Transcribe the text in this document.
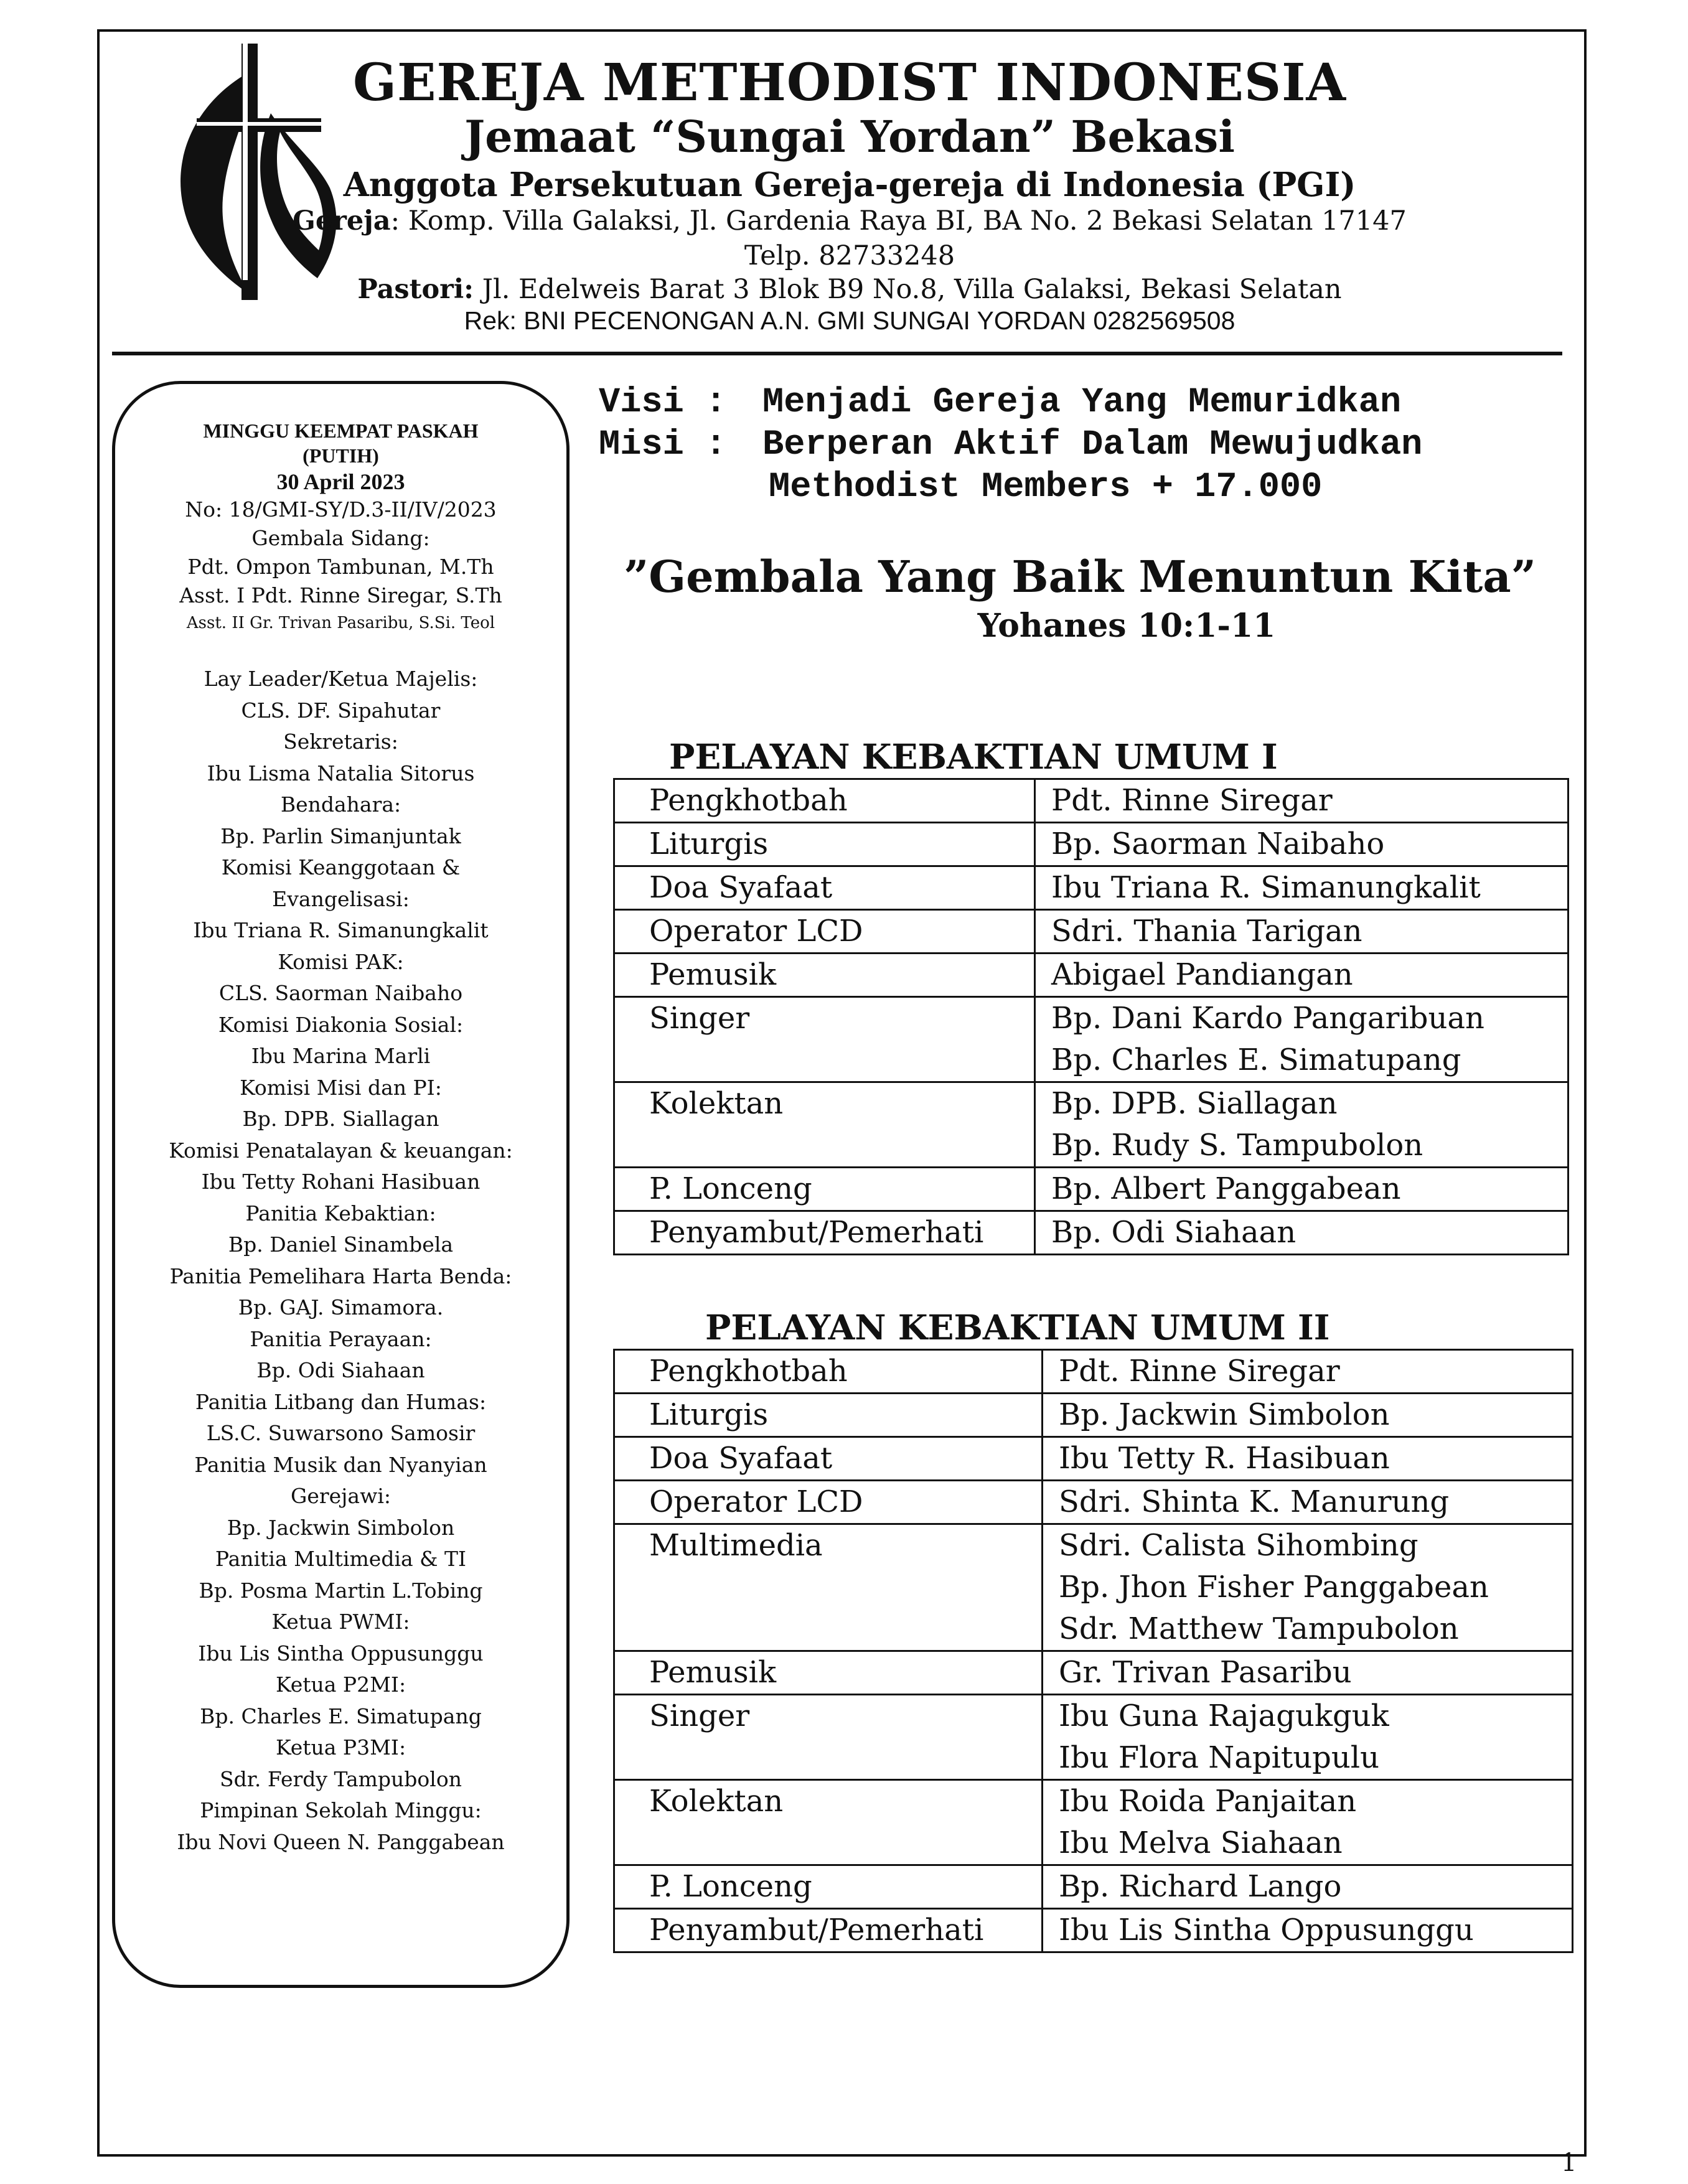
GEREJA METHODIST INDONESIA
Jemaat “Sungai Yordan” Bekasi
Anggota Persekutuan Gereja-gereja di Indonesia (PGI)
Gereja: Komp. Villa Galaksi, Jl. Gardenia Raya BI, BA No. 2 Bekasi Selatan 17147
Telp. 82733248
Pastori: Jl. Edelweis Barat 3 Blok B9 No.8, Villa Galaksi, Bekasi Selatan
Rek: BNI PECENONGAN A.N. GMI SUNGAI YORDAN 0282569508
MINGGU KEEMPAT PASKAH
(PUTIH)
30 April 2023
No: 18/GMI-SY/D.3-II/IV/2023
Gembala Sidang:
Pdt. Ompon Tambunan, M.Th
Asst. I Pdt. Rinne Siregar, S.Th
Asst. II Gr. Trivan Pasaribu, S.Si. Teol
Lay Leader/Ketua Majelis:
CLS. DF. Sipahutar
Sekretaris:
Ibu Lisma Natalia Sitorus
Bendahara:
Bp. Parlin Simanjuntak
Komisi Keanggotaan &
Evangelisasi:
Ibu Triana R. Simanungkalit
Komisi PAK:
CLS. Saorman Naibaho
Komisi Diakonia Sosial:
Ibu Marina Marli
Komisi Misi dan PI:
Bp. DPB. Siallagan
Komisi Penatalayan & keuangan:
Ibu Tetty Rohani Hasibuan
Panitia Kebaktian:
Bp. Daniel Sinambela
Panitia Pemelihara Harta Benda:
Bp. GAJ. Simamora.
Panitia Perayaan:
Bp. Odi Siahaan
Panitia Litbang dan Humas:
LS.C. Suwarsono Samosir
Panitia Musik dan Nyanyian
Gerejawi:
Bp. Jackwin Simbolon
Panitia Multimedia & TI
Bp. Posma Martin L.Tobing
Ketua PWMI:
Ibu Lis Sintha Oppusunggu
Ketua P2MI:
Bp. Charles E. Simatupang
Ketua P3MI:
Sdr. Ferdy Tampubolon
Pimpinan Sekolah Minggu:
Ibu Novi Queen N. Panggabean
Visi : Menjadi Gereja Yang Memuridkan
Misi : Berperan Aktif Dalam Mewujudkan
Methodist Members + 17.000
”Gembala Yang Baik Menuntun Kita”
Yohanes 10:1-11
PELAYAN KEBAKTIAN UMUM I
Pengkhotbah	Pdt. Rinne Siregar

Liturgis	Bp. Saorman Naibaho

Doa Syafaat	Ibu Triana R. Simanungkalit

Operator LCD	Sdri. Thania Tarigan

Pemusik	Abigael Pandiangan

Singer	Bp. Dani Kardo Pangaribuan
Bp. Charles E. Simatupang

Kolektan	Bp. DPB. Siallagan
Bp. Rudy S. Tampubolon

P. Lonceng	Bp. Albert Panggabean

Penyambut/Pemerhati	Bp. Odi Siahaan
PELAYAN KEBAKTIAN UMUM II
Pengkhotbah	Pdt. Rinne Siregar

Liturgis	Bp. Jackwin Simbolon

Doa Syafaat	Ibu Tetty R. Hasibuan

Operator LCD	Sdri. Shinta K. Manurung

Multimedia	Sdri. Calista Sihombing
Bp. Jhon Fisher Panggabean
Sdr. Matthew Tampubolon

Pemusik	Gr. Trivan Pasaribu

Singer	Ibu Guna Rajagukguk
Ibu Flora Napitupulu

Kolektan	Ibu Roida Panjaitan
Ibu Melva Siahaan

P. Lonceng	Bp. Richard Lango

Penyambut/Pemerhati	Ibu Lis Sintha Oppusunggu
1
